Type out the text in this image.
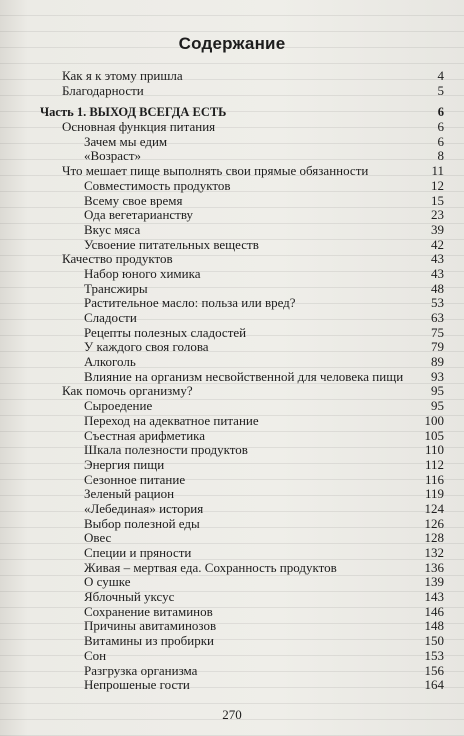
Содержание
Как я к этому пришла	4
Благодарности	5
Часть 1. ВЫХОД ВСЕГДА ЕСТЬ	6
Основная функция питания	6
Зачем мы едим	6
«Возраст»	8
Что мешает пище выполнять свои прямые обязанности	11
Совместимость продуктов	12
Всему свое время	15
Ода вегетарианству	23
Вкус мяса	39
Усвоение питательных веществ	42
Качество продуктов	43
Набор юного химика	43
Трансжиры	48
Растительное масло: польза или вред?	53
Сладости	63
Рецепты полезных сладостей	75
У каждого своя голова	79
Алкоголь	89
Влияние на организм несвойственной для человека пищи	93
Как помочь организму?	95
Сыроедение	95
Переход на адекватное питание	100
Съестная арифметика	105
Шкала полезности продуктов	110
Энергия пищи	112
Сезонное питание	116
Зеленый рацион	119
«Лебединая» история	124
Выбор полезной еды	126
Овес	128
Специи и пряности	132
Живая – мертвая еда. Сохранность продуктов	136
О сушке	139
Яблочный уксус	143
Сохранение витаминов	146
Причины авитаминозов	148
Витамины из пробирки	150
Сон	153
Разгрузка организма	156
Непрошеные гости	164
270
